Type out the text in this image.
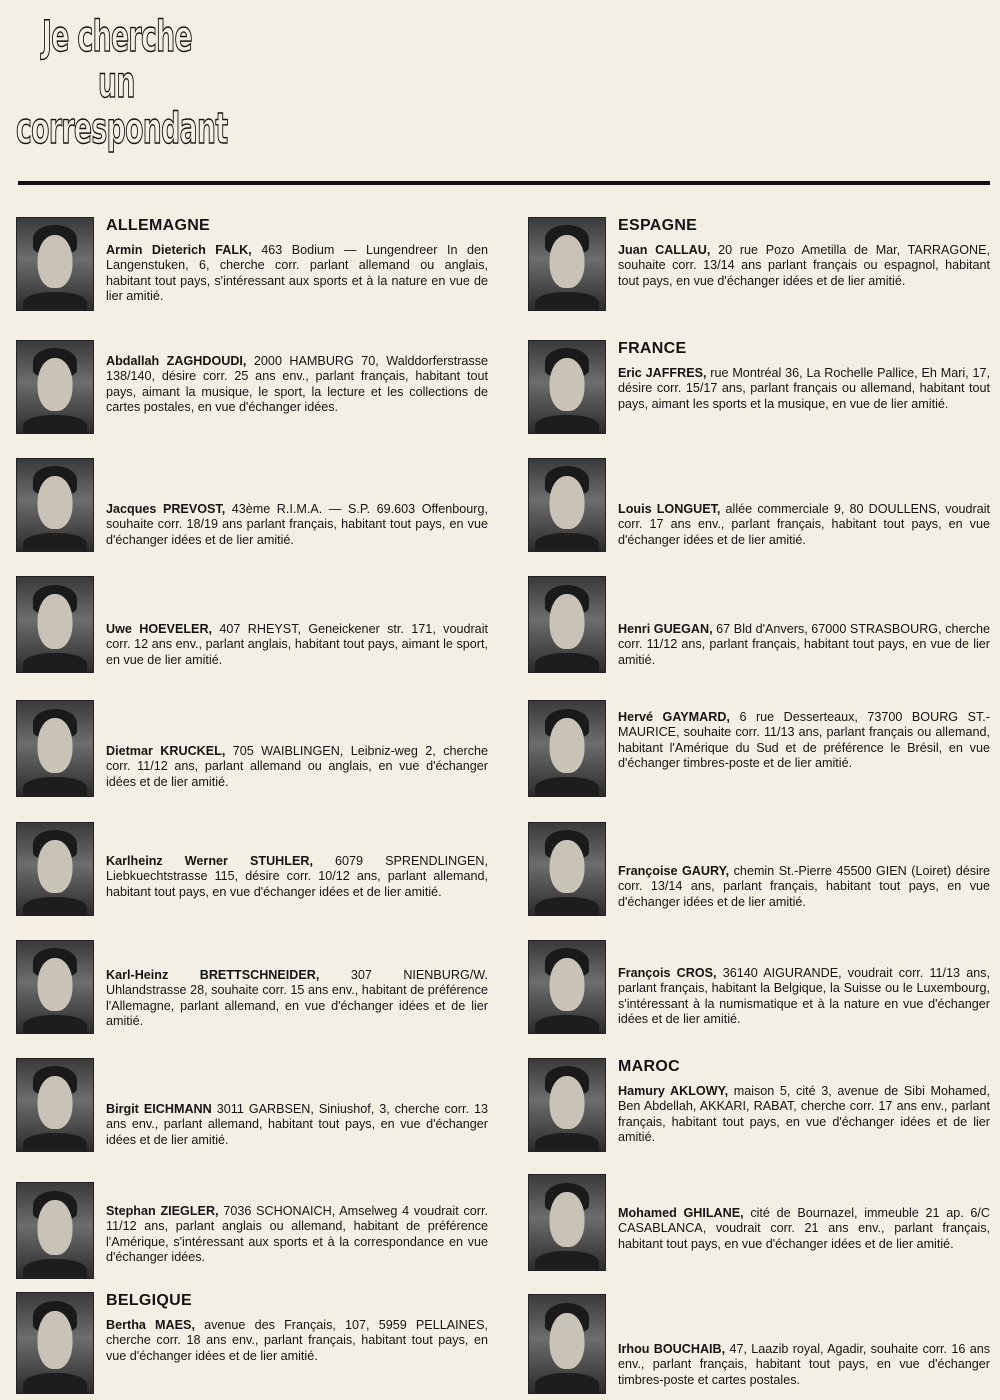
Je cherche
un
correspondant
ALLEMAGNE
Armin Dieterich FALK, 463 Bodium — Lungendreer In den Langenstuken, 6, cherche corr. parlant allemand ou anglais, habitant tout pays, s'intéressant aux sports et à la nature en vue de lier amitié.
Abdallah ZAGHDOUDI, 2000 HAMBURG 70, Walddorferstrasse 138/140, désire corr. 25 ans env., parlant français, habitant tout pays, aimant la musique, le sport, la lecture et les collections de cartes postales, en vue d'échanger idées.
Jacques PREVOST, 43ème R.I.M.A. — S.P. 69.603 Offenbourg, souhaite corr. 18/19 ans parlant français, habitant tout pays, en vue d'échanger idées et de lier amitié.
Uwe HOEVELER, 407 RHEYST, Geneickener str. 171, voudrait corr. 12 ans env., parlant anglais, habitant tout pays, aimant le sport, en vue de lier amitié.
Dietmar KRUCKEL, 705 WAIBLINGEN, Leibniz-weg 2, cherche corr. 11/12 ans, parlant allemand ou anglais, en vue d'échanger idées et de lier amitié.
Karlheinz Werner STUHLER, 6079 SPRENDLINGEN, Liebkuechtstrasse 115, désire corr. 10/12 ans, parlant allemand, habitant tout pays, en vue d'échanger idées et de lier amitié.
Karl-Heinz BRETTSCHNEIDER, 307 NIENBURG/W. Uhlandstrasse 28, souhaite corr. 15 ans env., habitant de préférence l'Allemagne, parlant allemand, en vue d'échanger idées et de lier amitié.
Birgit EICHMANN 3011 GARBSEN, Siniushof, 3, cherche corr. 13 ans env., parlant allemand, habitant tout pays, en vue d'échanger idées et de lier amitié.
Stephan ZIEGLER, 7036 SCHONAICH, Amselweg 4 voudrait corr. 11/12 ans, parlant anglais ou allemand, habitant de préférence l'Amérique, s'intéressant aux sports et à la correspondance en vue d'échanger idées.
BELGIQUE
Bertha MAES, avenue des Français, 107, 5959 PELLAINES, cherche corr. 18 ans env., parlant français, habitant tout pays, en vue d'échanger idées et de lier amitié.
ESPAGNE
Juan CALLAU, 20 rue Pozo Ametilla de Mar, TARRAGONE, souhaite corr. 13/14 ans parlant français ou espagnol, habitant tout pays, en vue d'échanger idées et de lier amitié.
FRANCE
Eric JAFFRES, rue Montréal 36, La Rochelle Pallice, Eh Mari, 17, désire corr. 15/17 ans, parlant français ou allemand, habitant tout pays, aimant les sports et la musique, en vue de lier amitié.
Louis LONGUET, allée commerciale 9, 80 DOULLENS, voudrait corr. 17 ans env., parlant français, habitant tout pays, en vue d'échanger idées et de lier amitié.
Henri GUEGAN, 67 Bld d'Anvers, 67000 STRASBOURG, cherche corr. 11/12 ans, parlant français, habitant tout pays, en vue de lier amitié.
Hervé GAYMARD, 6 rue Desserteaux, 73700 BOURG ST.-MAURICE, souhaite corr. 11/13 ans, parlant français ou allemand, habitant l'Amérique du Sud et de préférence le Brésil, en vue d'échanger timbres-poste et de lier amitié.
Françoise GAURY, chemin St.-Pierre 45500 GIEN (Loiret) désire corr. 13/14 ans, parlant français, habitant tout pays, en vue d'échanger idées et de lier amitié.
François CROS, 36140 AIGURANDE, voudrait corr. 11/13 ans, parlant français, habitant la Belgique, la Suisse ou le Luxembourg, s'intéressant à la numismatique et à la nature en vue d'échanger idées et de lier amitié.
MAROC
Hamury AKLOWY, maison 5, cité 3, avenue de Sibi Mohamed, Ben Abdellah, AKKARI, RABAT, cherche corr. 17 ans env., parlant français, habitant tout pays, en vue d'échanger idées et de lier amitié.
Mohamed GHILANE, cité de Bournazel, immeuble 21 ap. 6/C CASABLANCA, voudrait corr. 21 ans env., parlant français, habitant tout pays, en vue d'échanger idées et de lier amitié.
Irhou BOUCHAIB, 47, Laazib royal, Agadir, souhaite corr. 16 ans env., parlant français, habitant tout pays, en vue d'échanger timbres-poste et cartes postales.
